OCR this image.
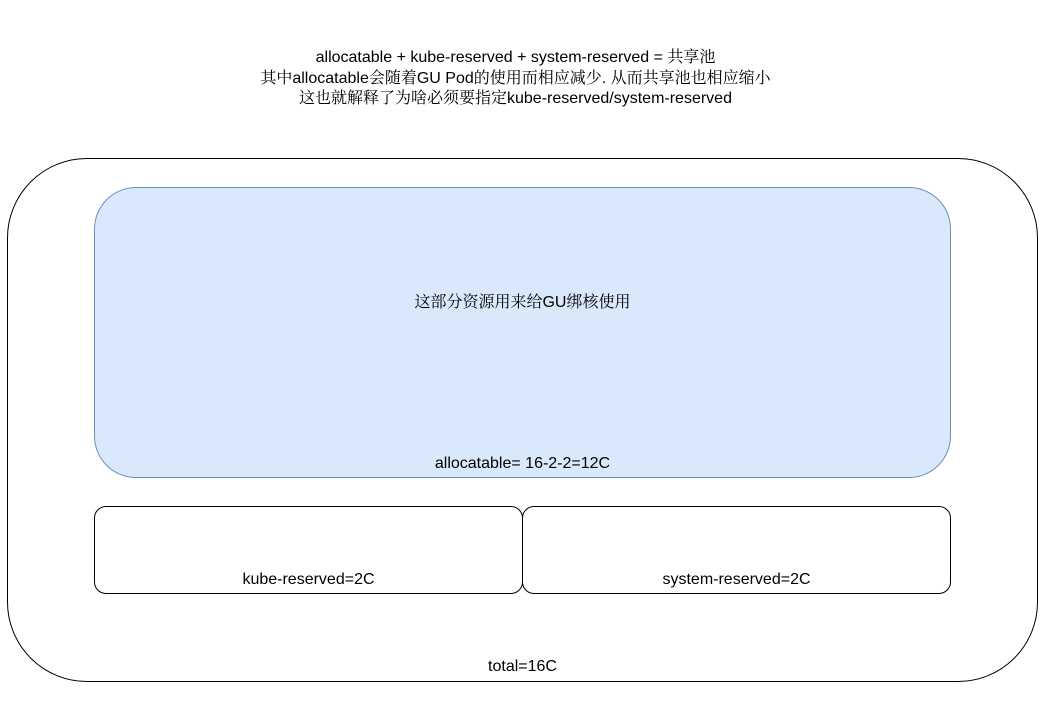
allocatable + kube-reserved + system-reserved = 共享池
其中allocatable会随着GU Pod的使用而相应减少. 从而共享池也相应缩小
这也就解释了为啥必须要指定kube-reserved/system-reserved
这部分资源用来给GU绑核使用
allocatable= 16-2-2=12C
kube-reserved=2C	system-reserved=2C
total=16C
